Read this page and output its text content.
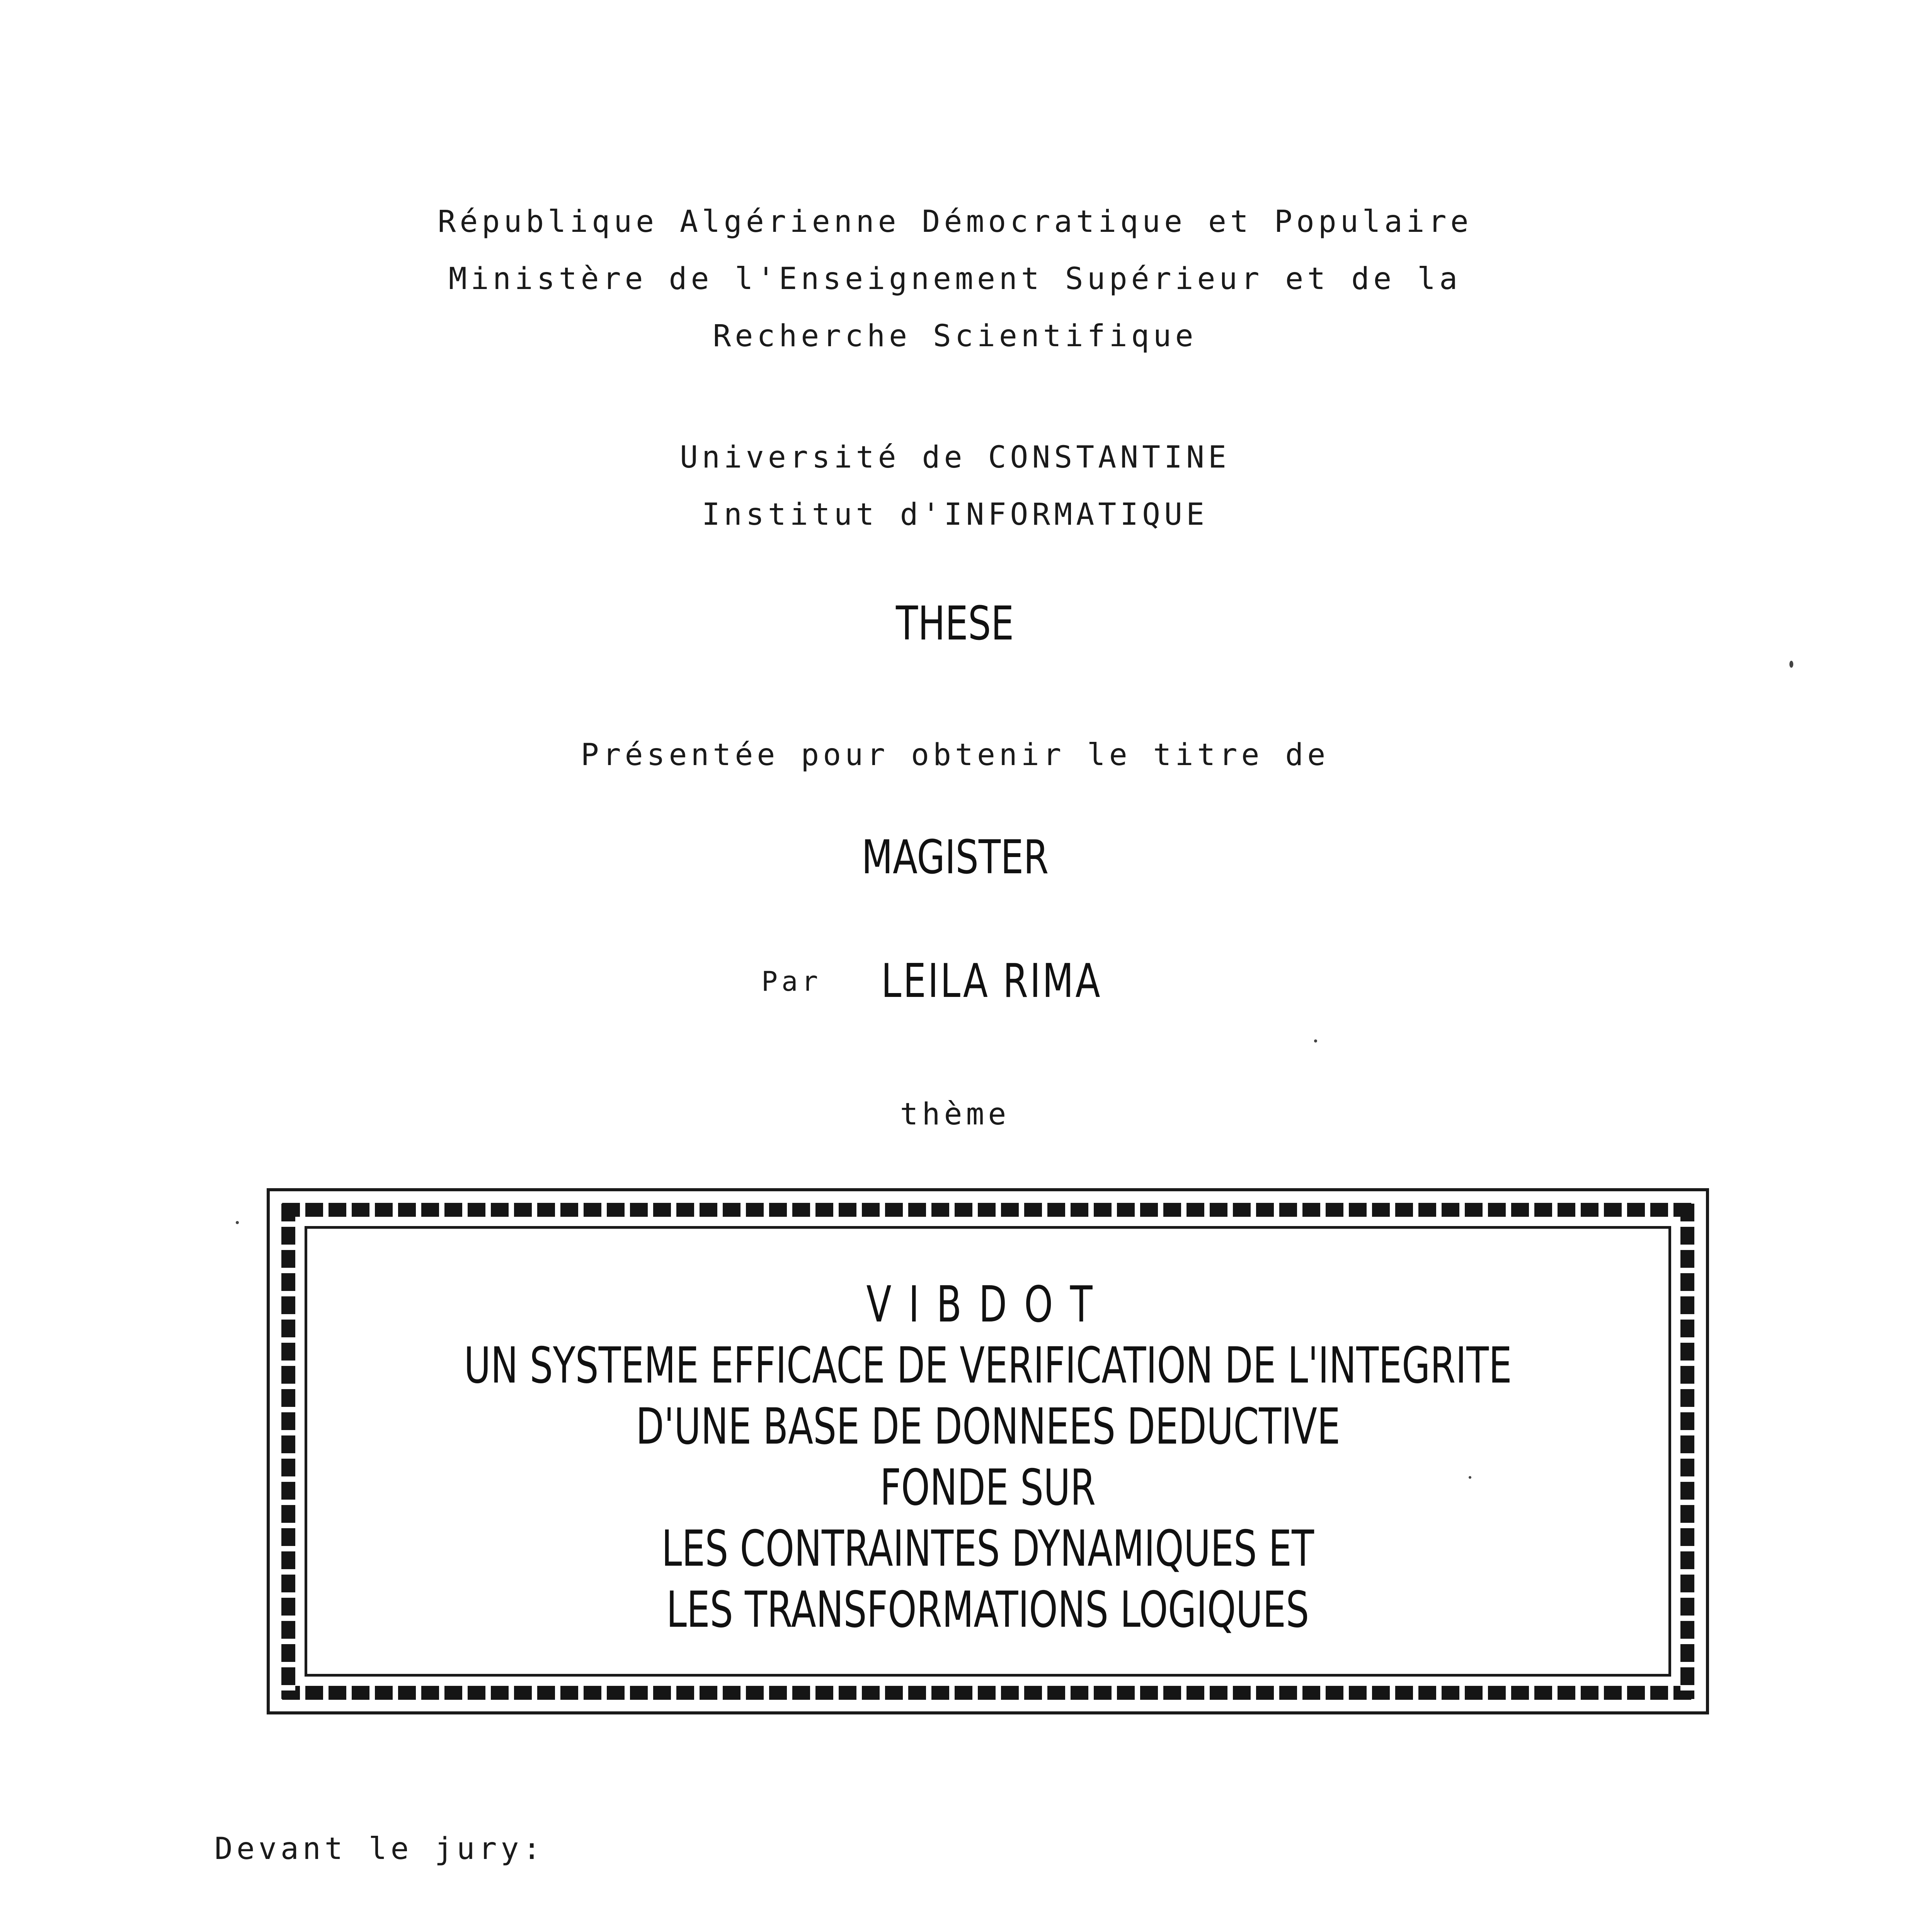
République Algérienne Démocratique et Populaire
Ministère de l'Enseignement Supérieur et de la
Recherche Scientifique
Université de CONSTANTINE
Institut d'INFORMATIQUE
THESE
Présentée pour obtenir le titre de
MAGISTER
Par LEILA RIMA
thème
VIBDOT
UN SYSTEME EFFICACE DE VERIFICATION DE L'INTEGRITE
D'UNE BASE DE DONNEES DEDUCTIVE
FONDE SUR
LES CONTRAINTES DYNAMIQUES ET
LES TRANSFORMATIONS LOGIQUES
Devant le jury:
